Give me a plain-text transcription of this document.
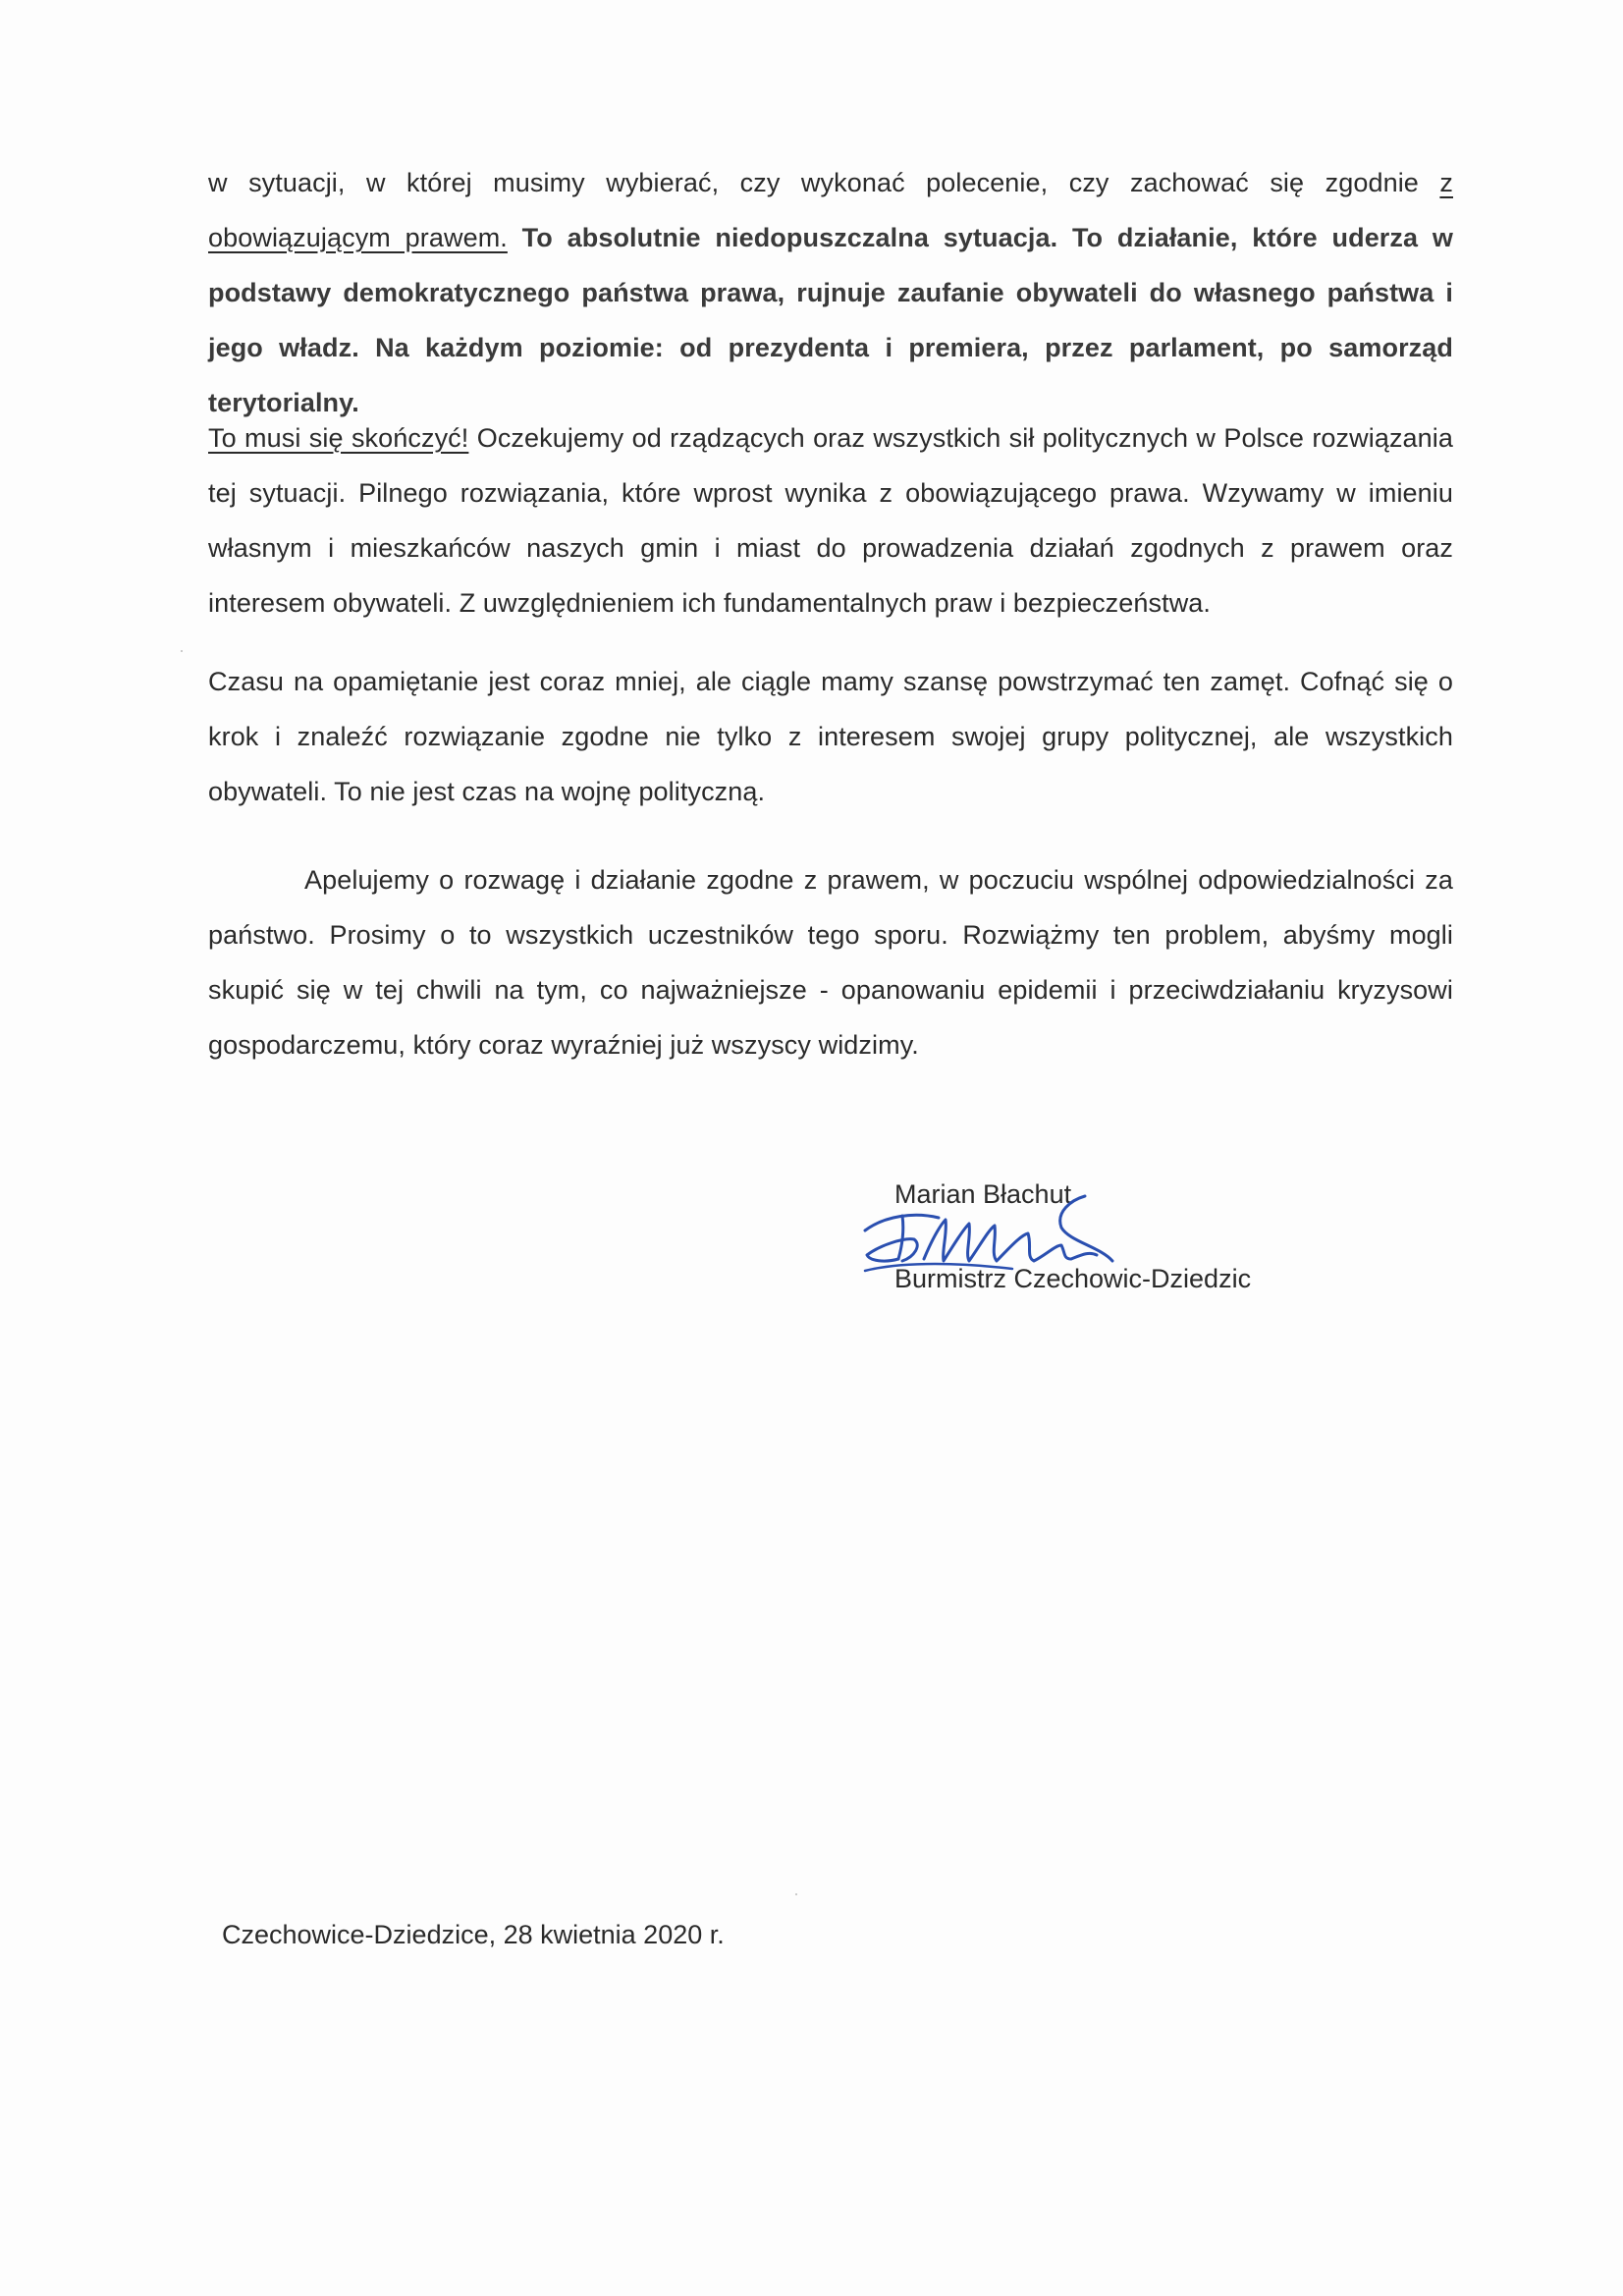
w sytuacji, w której musimy wybierać, czy wykonać polecenie, czy zachować się zgodnie z obowiązującym prawem. To absolutnie niedopuszczalna sytuacja. To działanie, które uderza w podstawy demokratycznego państwa prawa, rujnuje zaufanie obywateli do własnego państwa i jego władz. Na każdym poziomie: od prezydenta i premiera, przez parlament, po samorząd terytorialny.
To musi się skończyć! Oczekujemy od rządzących oraz wszystkich sił politycznych w Polsce rozwiązania tej sytuacji. Pilnego rozwiązania, które wprost wynika z obowiązującego prawa. Wzywamy w imieniu własnym i mieszkańców naszych gmin i miast do prowadzenia działań zgodnych z prawem oraz interesem obywateli. Z uwzględnieniem ich fundamentalnych praw i bezpieczeństwa.
Czasu na opamiętanie jest coraz mniej, ale ciągle mamy szansę powstrzymać ten zamęt. Cofnąć się o krok i znaleźć rozwiązanie zgodne nie tylko z interesem swojej grupy politycznej, ale wszystkich obywateli. To nie jest czas na wojnę polityczną.
Apelujemy o rozwagę i działanie zgodne z prawem, w poczuciu wspólnej odpowiedzialności za państwo. Prosimy o to wszystkich uczestników tego sporu. Rozwiążmy ten problem, abyśmy mogli skupić się w tej chwili na tym, co najważniejsze - opanowaniu epidemii i przeciwdziałaniu kryzysowi gospodarczemu, który coraz wyraźniej już wszyscy widzimy.
Marian Błachut
Burmistrz Czechowic-Dziedzic
Czechowice-Dziedzice, 28 kwietnia 2020 r.
